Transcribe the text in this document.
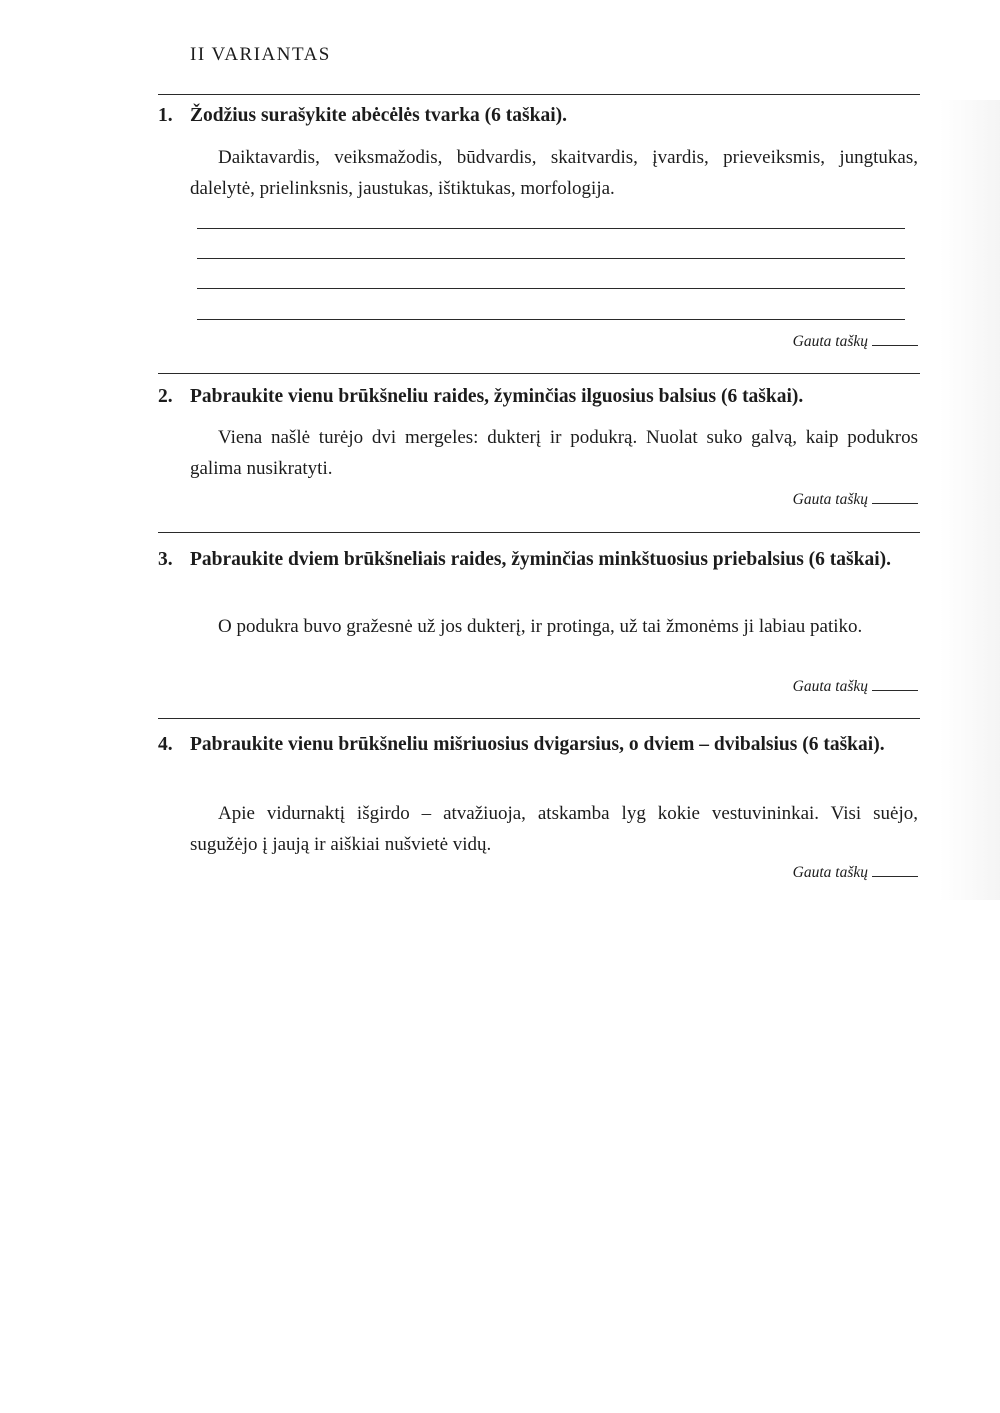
II VARIANTAS
1. Žodžius surašykite abėcėlės tvarka (6 taškai).
Daiktavardis, veiksmažodis, būdvardis, skaitvardis, įvardis, prieveiksmis, jungtukas, dalelytė, prielinksnis, jaustukas, ištiktukas, morfologija.
Gauta taškų
2. Pabraukite vienu brūkšneliu raides, žyminčias ilguosius balsius (6 taškai).
Viena našlė turėjo dvi mergeles: dukterį ir podukrą. Nuolat suko galvą, kaip podukros galima nusikratyti.
Gauta taškų
3. Pabraukite dviem brūkšneliais raides, žyminčias minkštuosius priebalsius (6 taškai).
O podukra buvo gražesnė už jos dukterį, ir protinga, už tai žmonėms ji labiau patiko.
Gauta taškų
4. Pabraukite vienu brūkšneliu mišriuosius dvigarsius, o dviem – dvibalsius (6 taškai).
Apie vidurnaktį išgirdo – atvažiuoja, atskamba lyg kokie vestuvininkai. Visi suėjo, sugužėjo į jaują ir aiškiai nušvietė vidų.
Gauta taškų
